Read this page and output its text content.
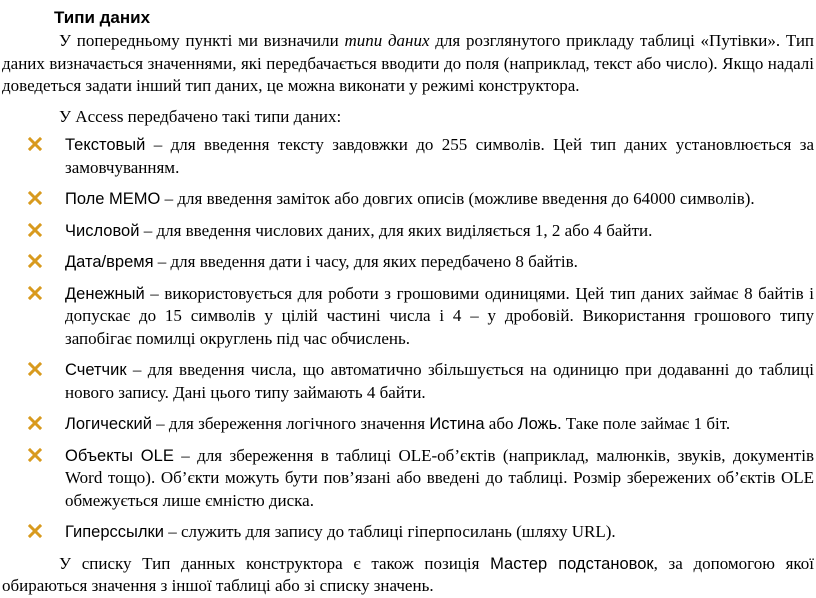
Типи даних

У попередньому пункті ми визначили типи даних для розглянутого прикладу таблиці «Путівки». Тип даних визначається значеннями, які передбачається вводити до поля (наприклад, текст або число). Якщо надалі доведеться задати інший тип даних, це можна виконати у режимі конструктора.

У Access передбачено такі типи даних:

Текстовый – для введення тексту завдовжки до 255 символів. Цей тип даних установлюється за замовчуванням.
Поле МЕМО – для введення заміток або довгих описів (можливе введення до 64000 символів).
Числовой – для введення числових даних, для яких виділяється 1, 2 або 4 байти.
Дата/время – для введення дати і часу, для яких передбачено 8 байтів.
Денежный – використовується для роботи з грошовими одиницями. Цей тип даних займає 8 байтів і допускає до 15 символів у цілій частині числа і 4 – у дробовій. Використання грошового типу запобігає помилці округлень під час обчислень.
Счетчик – для введення числа, що автоматично збільшується на одиницю при додаванні до таблиці нового запису. Дані цього типу займають 4 байти.
Логический – для збереження логічного значення Истина або Ложь. Таке поле займає 1 біт.
Объекты OLE – для збереження в таблиці OLE-об’єктів (наприклад, малюнків, звуків, документів Word тощо). Об’єкти можуть бути пов’язані або введені до таблиці. Розмір збережених об’єктів OLE обмежується лише ємністю диска.
Гиперссылки – служить для запису до таблиці гіперпосилань (шляху URL).

У списку Тип данных конструктора є також позиція Мастер подстановок, за допомогою якої обираються значення з іншої таблиці або зі списку значень.
